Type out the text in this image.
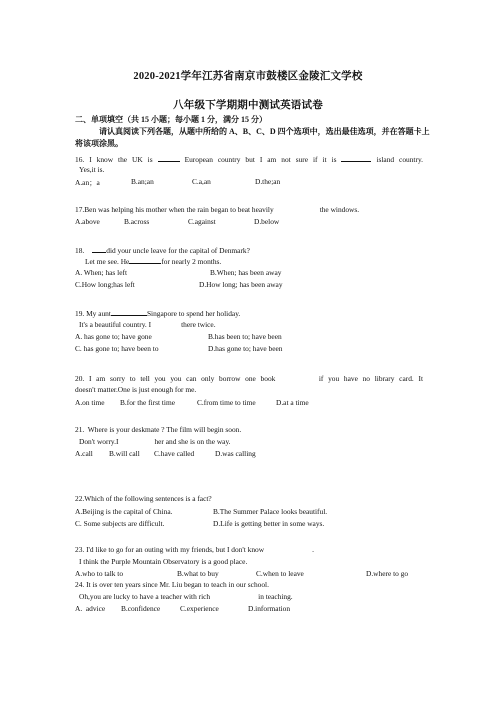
2020-2021学年江苏省南京市鼓楼区金陵汇文学校
八年级下学期期中测试英语试卷
二、单项填空（共 15 小题；每小题 1 分，满分 15 分）
请认真阅读下列各题，从题中所给的 A、B、C、D 四个选项中，选出最佳选项，并在答题卡上将该项涂黑。
16. I know the UK is	European country but I am not sure if it is	island country.
Yes,it is.
A.an；a	B.an;an	C.a,an	D.the;an
17.Ben was helping his mother when the rain began to beat heavily	the windows.
A.above	B.across	C.against	D.below
18.	did your uncle leave for the capital of Denmark?
Let me see. He	for nearly 2 months.
A. When; has left	B.When; has been away
C.How long;has left	D.How long; has been away
19. My aunt	Singapore to spend her holiday.
It's a beautiful country. I	there twice.
A. has gone to; have gone	B.has been to; have been
C. has gone to; have been to	D.has gone to; have been
20. I am sorry to tell you you can only borrow one book	if you have no library card. It
doesn't matter.One is just enough for me.
A.on time B.for the first time	C.from time to time	D.at a time
21.  Where is your deskmate ? The film will begin soon.
Don't worry.I	her and she is on the way.
A.call B.will call C.have called	D.was calling
22.Which of the following sentences is a fact?
A.Beijing is the capital of China.	B.The Summer Palace looks beautiful.
C. Some subjects are difficult.	D.Life is getting better in some ways.
23. I'd like to go for an outing with my friends, but I don't know	.
I think the Purple Mountain Observatory is a good place.
A.who to talk to	B.what to buy	C.when to leave	D.where to go
24. It is over ten years since Mr. Liu began to teach in our school.
Oh,you are lucky to have a teacher with rich	in teaching.
A.  advice B.confidence	C.experience	D.information
